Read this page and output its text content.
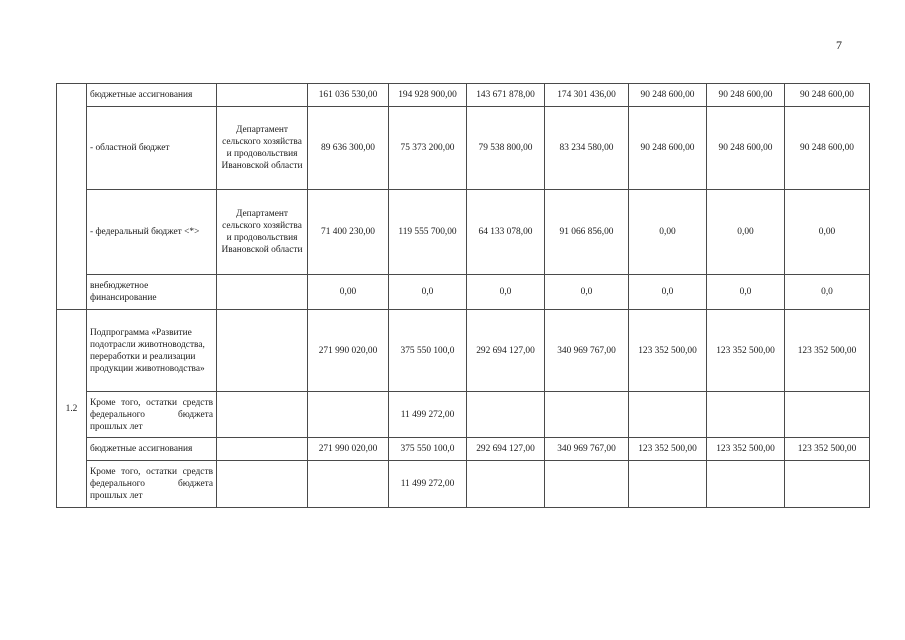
7
	бюджетные ассигнования		161 036 530,00	194 928 900,00	143 671 878,00	174 301 436,00	90 248 600,00	90 248 600,00	90 248 600,00
	- областной бюджет	Департамент сельского хозяйства и продовольствия Ивановской области	89 636 300,00	75 373 200,00	79 538 800,00	83 234 580,00	90 248 600,00	90 248 600,00	90 248 600,00
	- федеральный бюджет <*>	Департамент сельского хозяйства и продовольствия Ивановской области	71 400 230,00	119 555 700,00	64 133 078,00	91 066 856,00	0,00	0,00	0,00
	внебюджетное финансирование		0,00	0,0	0,0	0,0	0,0	0,0	0,0
1.2	Подпрограмма «Развитие подотрасли животноводства, переработки и реализации продукции животноводства»		271 990 020,00	375 550 100,0	292 694 127,00	340 969 767,00	123 352 500,00	123 352 500,00	123 352 500,00
	Кроме того, остатки средств федерального бюджета прошлых лет			11 499 272,00					
	бюджетные ассигнования		271 990 020,00	375 550 100,0	292 694 127,00	340 969 767,00	123 352 500,00	123 352 500,00	123 352 500,00
	Кроме того, остатки средств федерального бюджета прошлых лет			11 499 272,00					
